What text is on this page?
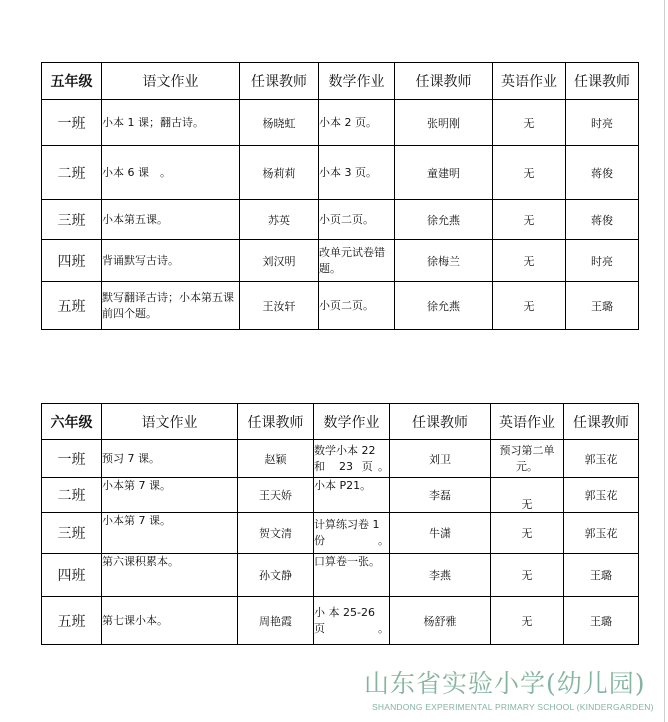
五年级	语文作业	任课教师	数学作业	任课教师	英语作业	任课教师
一班	小本 1 课；翻古诗。	杨晓虹	小本 2 页。	张明刚	无	时亮
二班	小本 6 课　。	杨莉莉	小本 3 页。	童建明	无	蒋俊
三班	小本第五课。	苏英	小页二页。	徐允燕	无	蒋俊
四班	背诵默写古诗。	刘汉明	改单元试卷错题。	徐梅兰	无	时亮
五班	默写翻译古诗；小本第五课前四个题。	王汝轩	小页二页。	徐允燕	无	王璐
六年级	语文作业	任课教师	数学作业	任课教师	英语作业	任课教师
一班	预习 7 课。	赵颖	数学小本 22 和 23 页。	刘卫	预习第二单元。	郭玉花
二班	小本第 7 课。	王天娇	小本 P21。	李磊	无	郭玉花
三班	小本第 7 课。	贺文清	计算练习卷 1 份。	牛潇	无	郭玉花
四班	第六课积累本。	孙文静	口算卷一张。	李燕	无	王璐
五班	第七课小本。	周艳霞	小 本 25-26 页。	杨舒雅	无	王璐
山东省实验小学(幼儿园)
SHANDONG EXPERIMENTAL PRIMARY SCHOOL (KINDERGARDEN)
